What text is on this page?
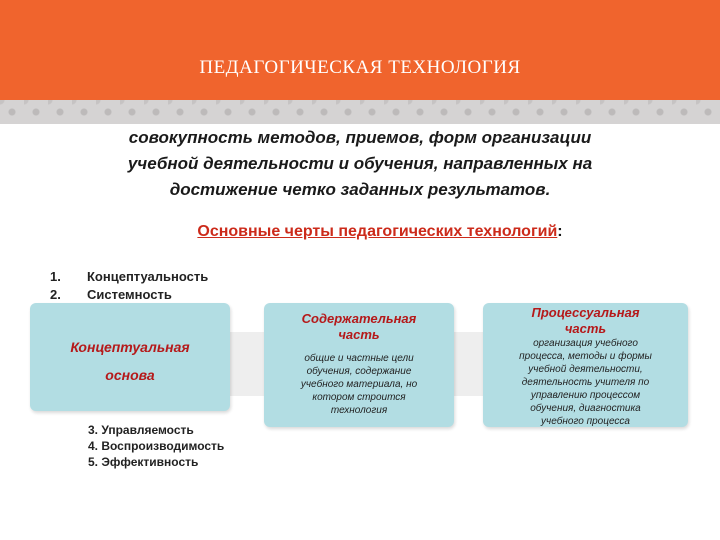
ПЕДАГОГИЧЕСКАЯ ТЕХНОЛОГИЯ
совокупность методов, приемов, форм организации
учебной деятельности и обучения, направленных на
достижение четко заданных результатов.
Основные черты педагогических технологий:
1. Концептуальность
2. Системность
Концептуальная
основа
Содержательная
часть
общие и частные цели
обучения, содержание
учебного материала, но
котором строится
технология
Процессуальная
часть
организация учебного
процесса, методы и формы
учебной деятельности,
деятельность учителя по
управлению процессом
обучения, диагностика
учебного процесса
3. Управляемость
4. Воспроизводимость
5. Эффективность
